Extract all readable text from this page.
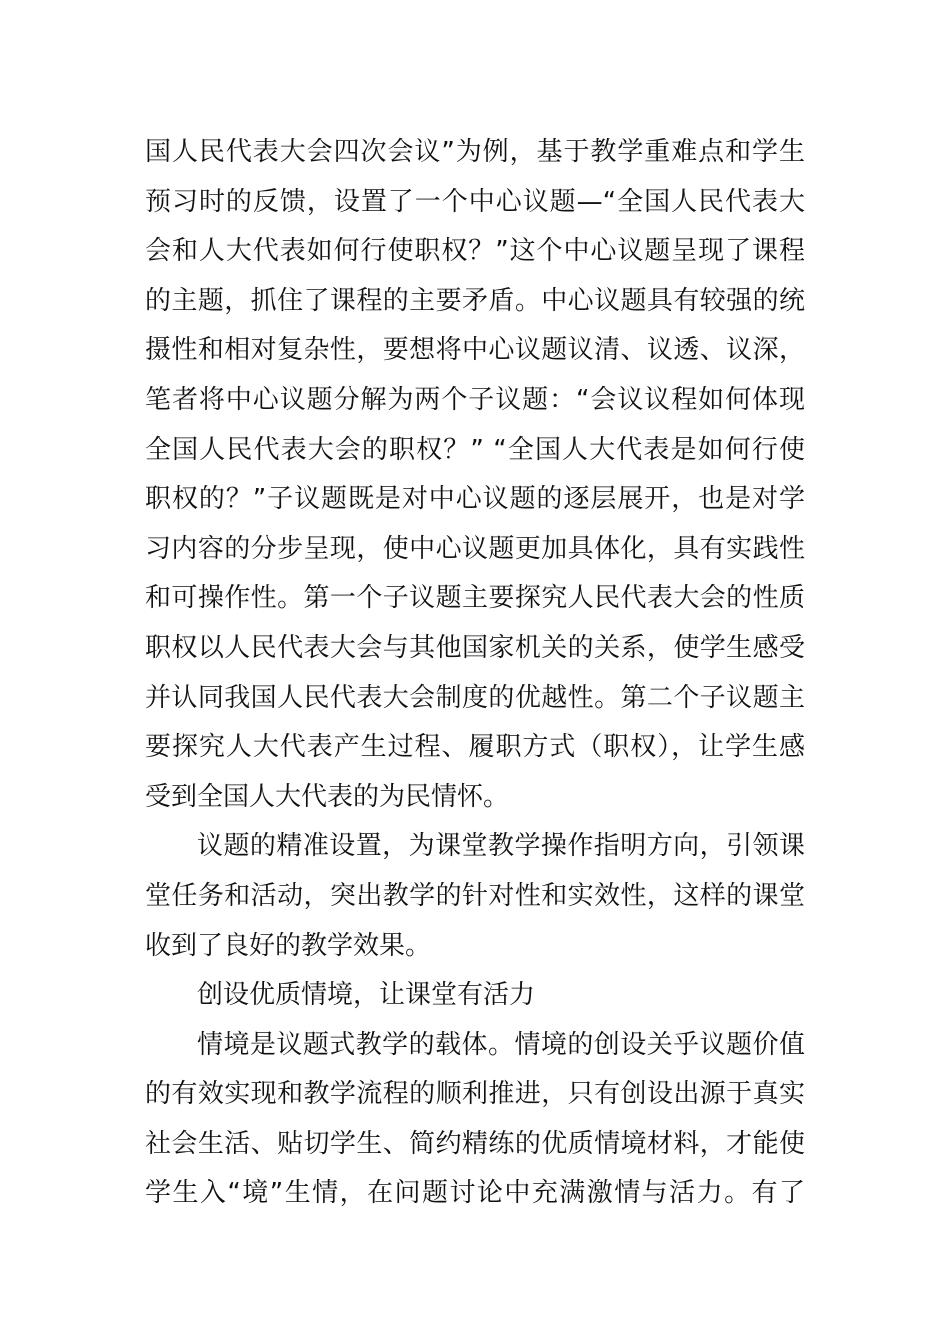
国人民代表大会四次会议”为例，基于教学重难点和学生
预习时的反馈，设置了一个中心议题—“全国人民代表大
会和人大代表如何行使职权？”这个中心议题呈现了课程
的主题，抓住了课程的主要矛盾。中心议题具有较强的统
摄性和相对复杂性，要想将中心议题议清、议透、议深，
笔者将中心议题分解为两个子议题：“会议议程如何体现
全国人民代表大会的职权？” “全国人大代表是如何行使
职权的？”子议题既是对中心议题的逐层展开，也是对学
习内容的分步呈现，使中心议题更加具体化，具有实践性
和可操作性。第一个子议题主要探究人民代表大会的性质
职权以人民代表大会与其他国家机关的关系，使学生感受
并认同我国人民代表大会制度的优越性。第二个子议题主
要探究人大代表产生过程、履职方式（职权），让学生感
受到全国人大代表的为民情怀。
议题的精准设置，为课堂教学操作指明方向，引领课
堂任务和活动，突出教学的针对性和实效性，这样的课堂
收到了良好的教学效果。
创设优质情境，让课堂有活力
情境是议题式教学的载体。情境的创设关乎议题价值
的有效实现和教学流程的顺利推进，只有创设出源于真实
社会生活、贴切学生、简约精练的优质情境材料，才能使
学生入“境”生情，在问题讨论中充满激情与活力。有了
